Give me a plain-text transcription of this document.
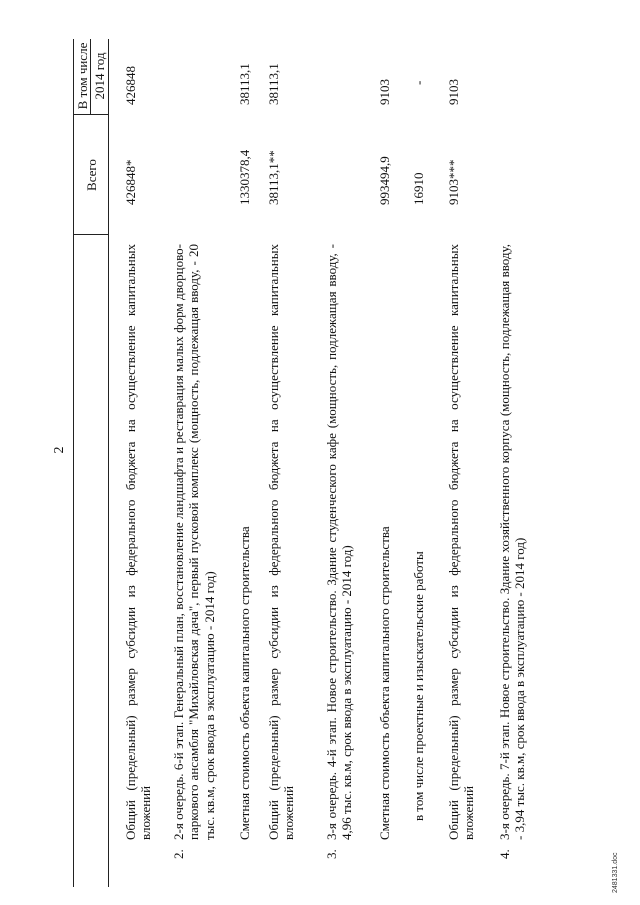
2
Всего
В том числе 2014 год
Общий (предельный) размер субсидии из федерального бюджета на осуществление капитальных вложений
426848*
426848
2.
2-я очередь. 6-й этап. Генеральный план, восстановление ландшафта и реставрация малых форм дворцово-паркового ансамбля "Михайловская дача", первый пусковой комплекс (мощность, подлежащая вводу, - 20 тыс. кв.м, срок ввода в эксплуатацию - 2014 год) Сметная стоимость объекта капитального строительства
1330378,4
38113,1
Общий (предельный) размер субсидии из федерального бюджета на осуществление капитальных вложений
38113,1**
38113,1
3.
3-я очередь. 4-й этап. Новое строительство. Здание студенческого кафе (мощность, подлежащая вводу, - 4,96 тыс. кв.м, срок ввода в эксплуатацию - 2014 год) Сметная стоимость объекта капитального строительства
993494,9
9103
в том числе проектные и изыскательские работы
16910
-
Общий (предельный) размер субсидии из федерального бюджета на осуществление капитальных вложений
9103***
9103
4.
3-я очередь. 7-й этап. Новое строительство. Здание хозяйственного корпуса (мощность, подлежащая вводу, - 3,94 тыс. кв.м, срок ввода в эксплуатацию - 2014 год)
2481331.doc
